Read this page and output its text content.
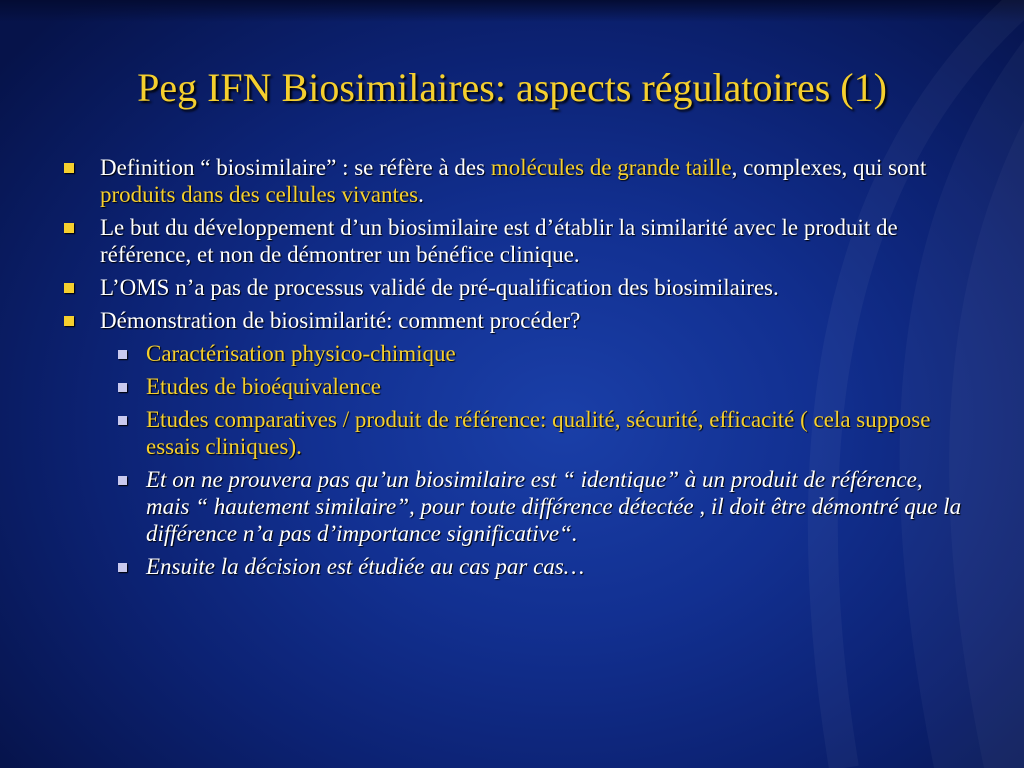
Peg IFN Biosimilaires: aspects régulatoires (1)
Definition “ biosimilaire” : se réfère à des molécules de grande taille, complexes, qui sont produits dans des cellules vivantes.
Le but du développement d’un biosimilaire est d’établir la similarité avec le produit de référence, et non de démontrer un bénéfice clinique.
L’OMS n’a pas de processus validé de pré-qualification des biosimilaires.
Démonstration de biosimilarité: comment procéder?
Caractérisation physico-chimique
Etudes de bioéquivalence
Etudes comparatives / produit de référence: qualité, sécurité, efficacité ( cela suppose essais cliniques).
Et on ne prouvera pas qu’un biosimilaire est “ identique” à un produit de référence, mais “ hautement similaire”, pour toute différence détectée , il doit être démontré que la différence n’a pas d’importance significative“.
Ensuite la décision est étudiée au cas par cas…
